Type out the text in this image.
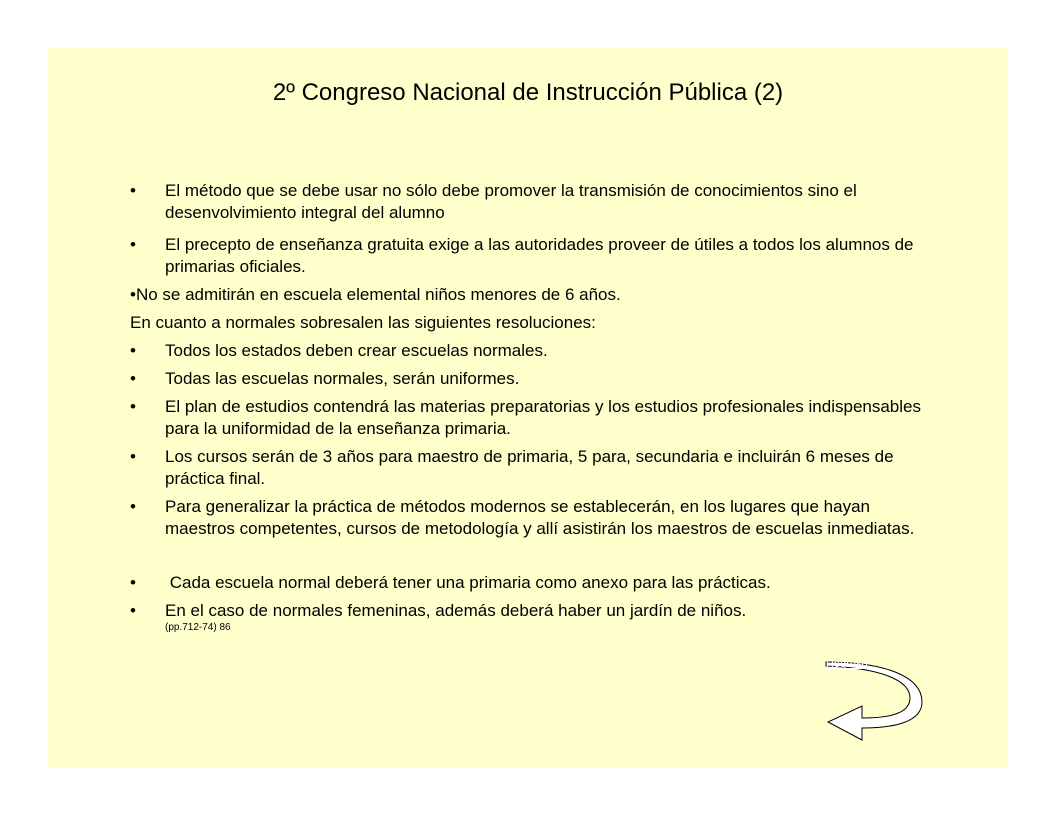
2º Congreso Nacional de Instrucción Pública (2)
• El método que se debe usar no sólo debe promover la transmisión de conocimientos sino el desenvolvimiento integral del alumno
• El precepto de enseñanza gratuita exige a las autoridades proveer de útiles a todos los alumnos de primarias oficiales.
•No se admitirán en escuela elemental niños menores de 6 años.
En cuanto a normales sobresalen las siguientes resoluciones:
• Todos los estados deben crear escuelas normales.
• Todas las escuelas normales, serán uniformes.
• El plan de estudios contendrá las materias preparatorias y los estudios profesionales indispensables para la uniformidad de la enseñanza primaria.
• Los cursos serán de 3 años para maestro de primaria, 5 para, secundaria e incluirán 6 meses de práctica final.
• Para generalizar la práctica de métodos modernos se establecerán, en los lugares que hayan maestros competentes, cursos de metodología y allí asistirán los maestros de escuelas inmediatas.
• Cada escuela normal deberá tener una primaria como anexo para las prácticas.
• En el caso de normales femeninas, además deberá haber un jardín de niños.
(pp.712-74) 86
Regreso
